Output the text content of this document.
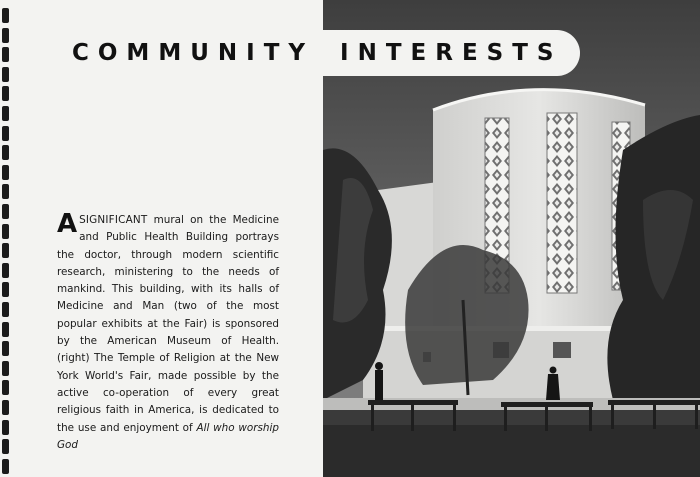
COMMUNITY INTERESTS
ASIGNIFICANT mural on the Medicine and Public Health Building portrays the doctor, through modern scientific research, ministering to the needs of mankind. This building, with its halls of Medicine and Man (two of the most popular exhibits at the Fair) is sponsored by the American Museum of Health. (right) The Temple of Religion at the New York World's Fair, made possible by the active co-operation of every great religious faith in America, is dedicated to the use and enjoyment of All who worship God
